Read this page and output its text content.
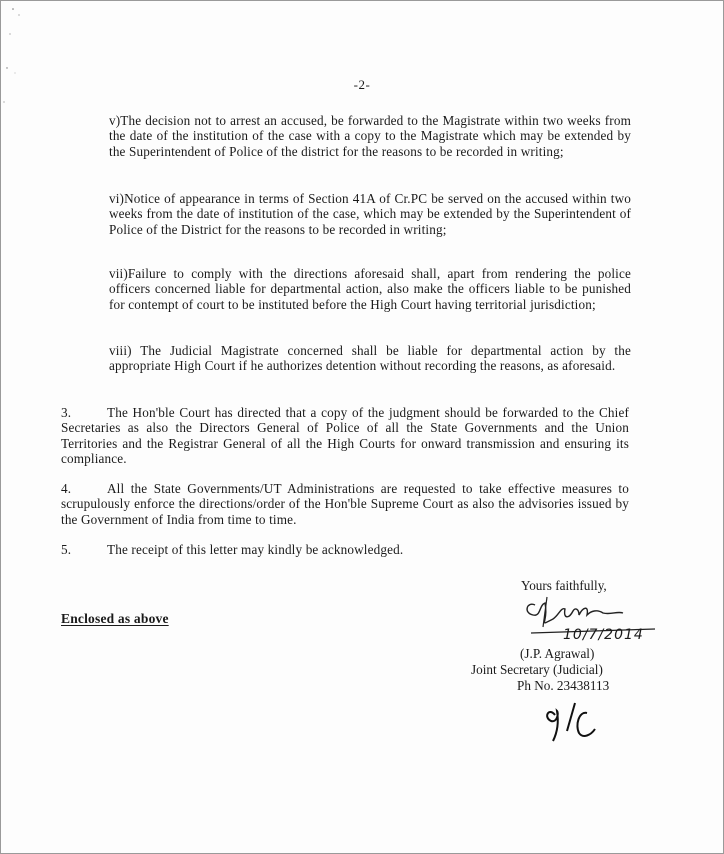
-2-
v)The decision not to arrest an accused, be forwarded to the Magistrate within two weeks from the date of the institution of the case with a copy to the Magistrate which may be extended by the Superintendent of Police of the district for the reasons to be recorded in writing;
vi)Notice of appearance in terms of Section 41A of Cr.PC be served on the accused within two weeks from the date of institution of the case, which may be extended by the Superintendent of Police of the District for the reasons to be recorded in writing;
vii)Failure to comply with the directions aforesaid shall, apart from rendering the police officers concerned liable for departmental action, also make the officers liable to be punished for contempt of court to be instituted before the High Court having territorial jurisdiction;
viii) The Judicial Magistrate concerned shall be liable for departmental action by the appropriate High Court if he authorizes detention without recording the reasons, as aforesaid.
3.	The Hon'ble Court has directed that a copy of the judgment should be forwarded to the Chief Secretaries as also the Directors General of Police of all the State Governments and the Union Territories and the Registrar General of all the High Courts for onward transmission and ensuring its compliance.
4.	All the State Governments/UT Administrations are requested to take effective measures to scrupulously enforce the directions/order of the Hon'ble Supreme Court as also the advisories issued by the Government of India from time to time.
5.	The receipt of this letter may kindly be acknowledged.
Enclosed as above
Yours faithfully,
10/7/2014
(J.P. Agrawal)
Joint Secretary (Judicial)
Ph No. 23438113
